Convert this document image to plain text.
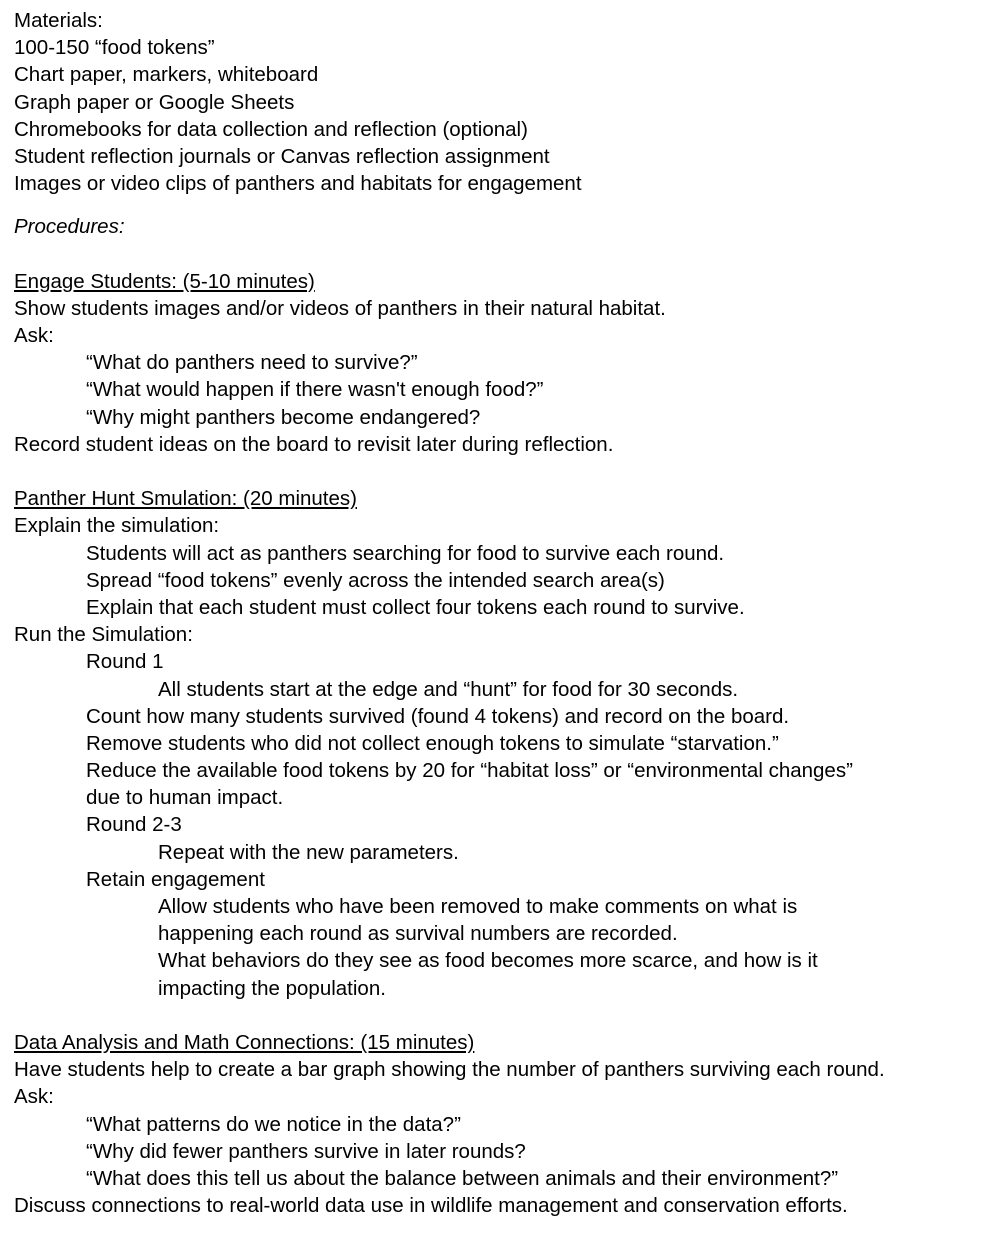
Materials:
100-150 “food tokens”
Chart paper, markers, whiteboard
Graph paper or Google Sheets
Chromebooks for data collection and reflection (optional)
Student reflection journals or Canvas reflection assignment
Images or video clips of panthers and habitats for engagement
Procedures:
Engage Students: (5-10 minutes)
Show students images and/or videos of panthers in their natural habitat.
Ask:
“What do panthers need to survive?”
“What would happen if there wasn't enough food?”
“Why might panthers become endangered?
Record student ideas on the board to revisit later during reflection.
Panther Hunt Smulation: (20 minutes)
Explain the simulation:
Students will act as panthers searching for food to survive each round.
Spread “food tokens” evenly across the intended search area(s)
Explain that each student must collect four tokens each round to survive.
Run the Simulation:
Round 1
All students start at the edge and “hunt” for food for 30 seconds.
Count how many students survived (found 4 tokens) and record on the board.
Remove students who did not collect enough tokens to simulate “starvation.”
Reduce the available food tokens by 20 for “habitat loss” or “environmental changes”
due to human impact.
Round 2-3
Repeat with the new parameters.
Retain engagement
Allow students who have been removed to make comments on what is
happening each round as survival numbers are recorded.
What behaviors do they see as food becomes more scarce, and how is it
impacting the population.
Data Analysis and Math Connections: (15 minutes)
Have students help to create a bar graph showing the number of panthers surviving each round.
Ask:
“What patterns do we notice in the data?”
“Why did fewer panthers survive in later rounds?
“What does this tell us about the balance between animals and their environment?”
Discuss connections to real-world data use in wildlife management and conservation efforts.
